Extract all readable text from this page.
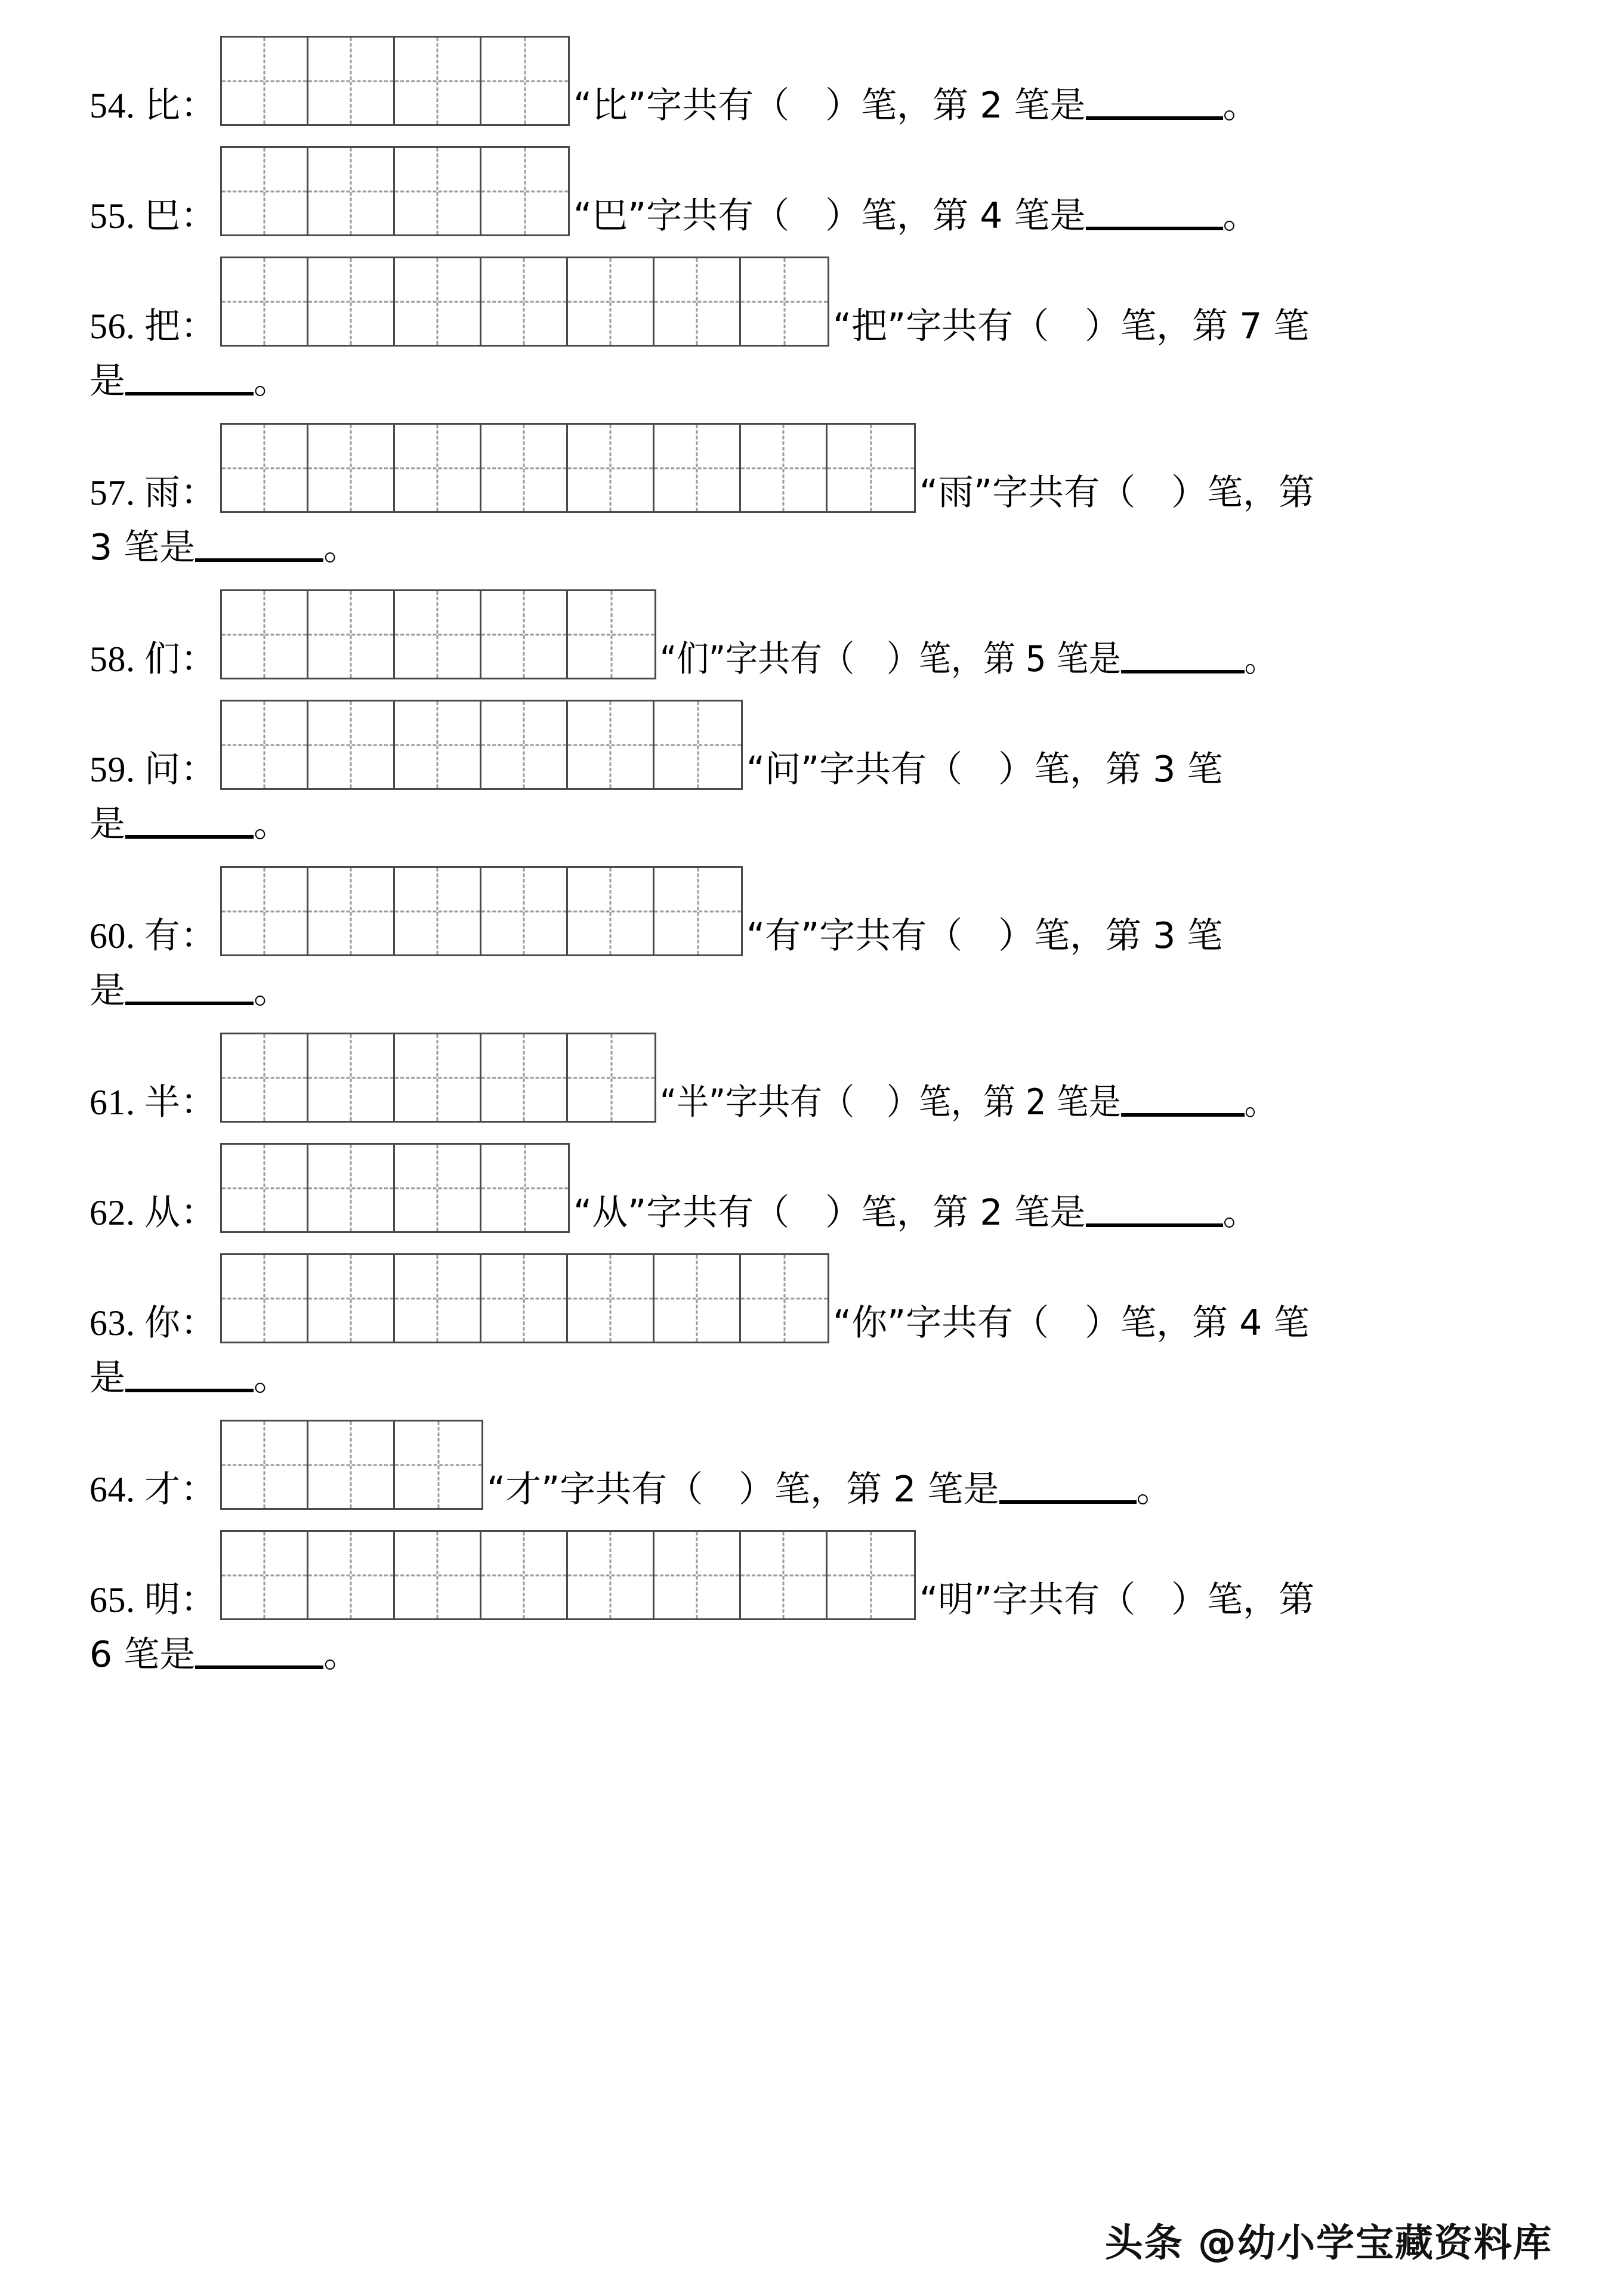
54. 比：	“比”字共有（　）笔，第 2 笔是	。
55. 巴：	“巴”字共有（　）笔，第 4 笔是	。
56. 把：	“把”字共有（　）笔，第 7 笔
是	。
57. 雨：	“雨”字共有（　）笔，第
3 笔是	。
58. 们：	“们”字共有（　）笔，第 5 笔是	。
59. 问：	“问”字共有（　）笔，第 3 笔
是	。
60. 有：	“有”字共有（　）笔，第 3 笔
是	。
61. 半：	“半”字共有（　）笔，第 2 笔是	。
62. 从：	“从”字共有（　）笔，第 2 笔是	。
63. 你：	“你”字共有（　）笔，第 4 笔
是	。
64. 才：	“才”字共有（　）笔，第 2 笔是	。
65. 明：	“明”字共有（　）笔，第
6 笔是	。
头条 @幼小学宝藏资料库
